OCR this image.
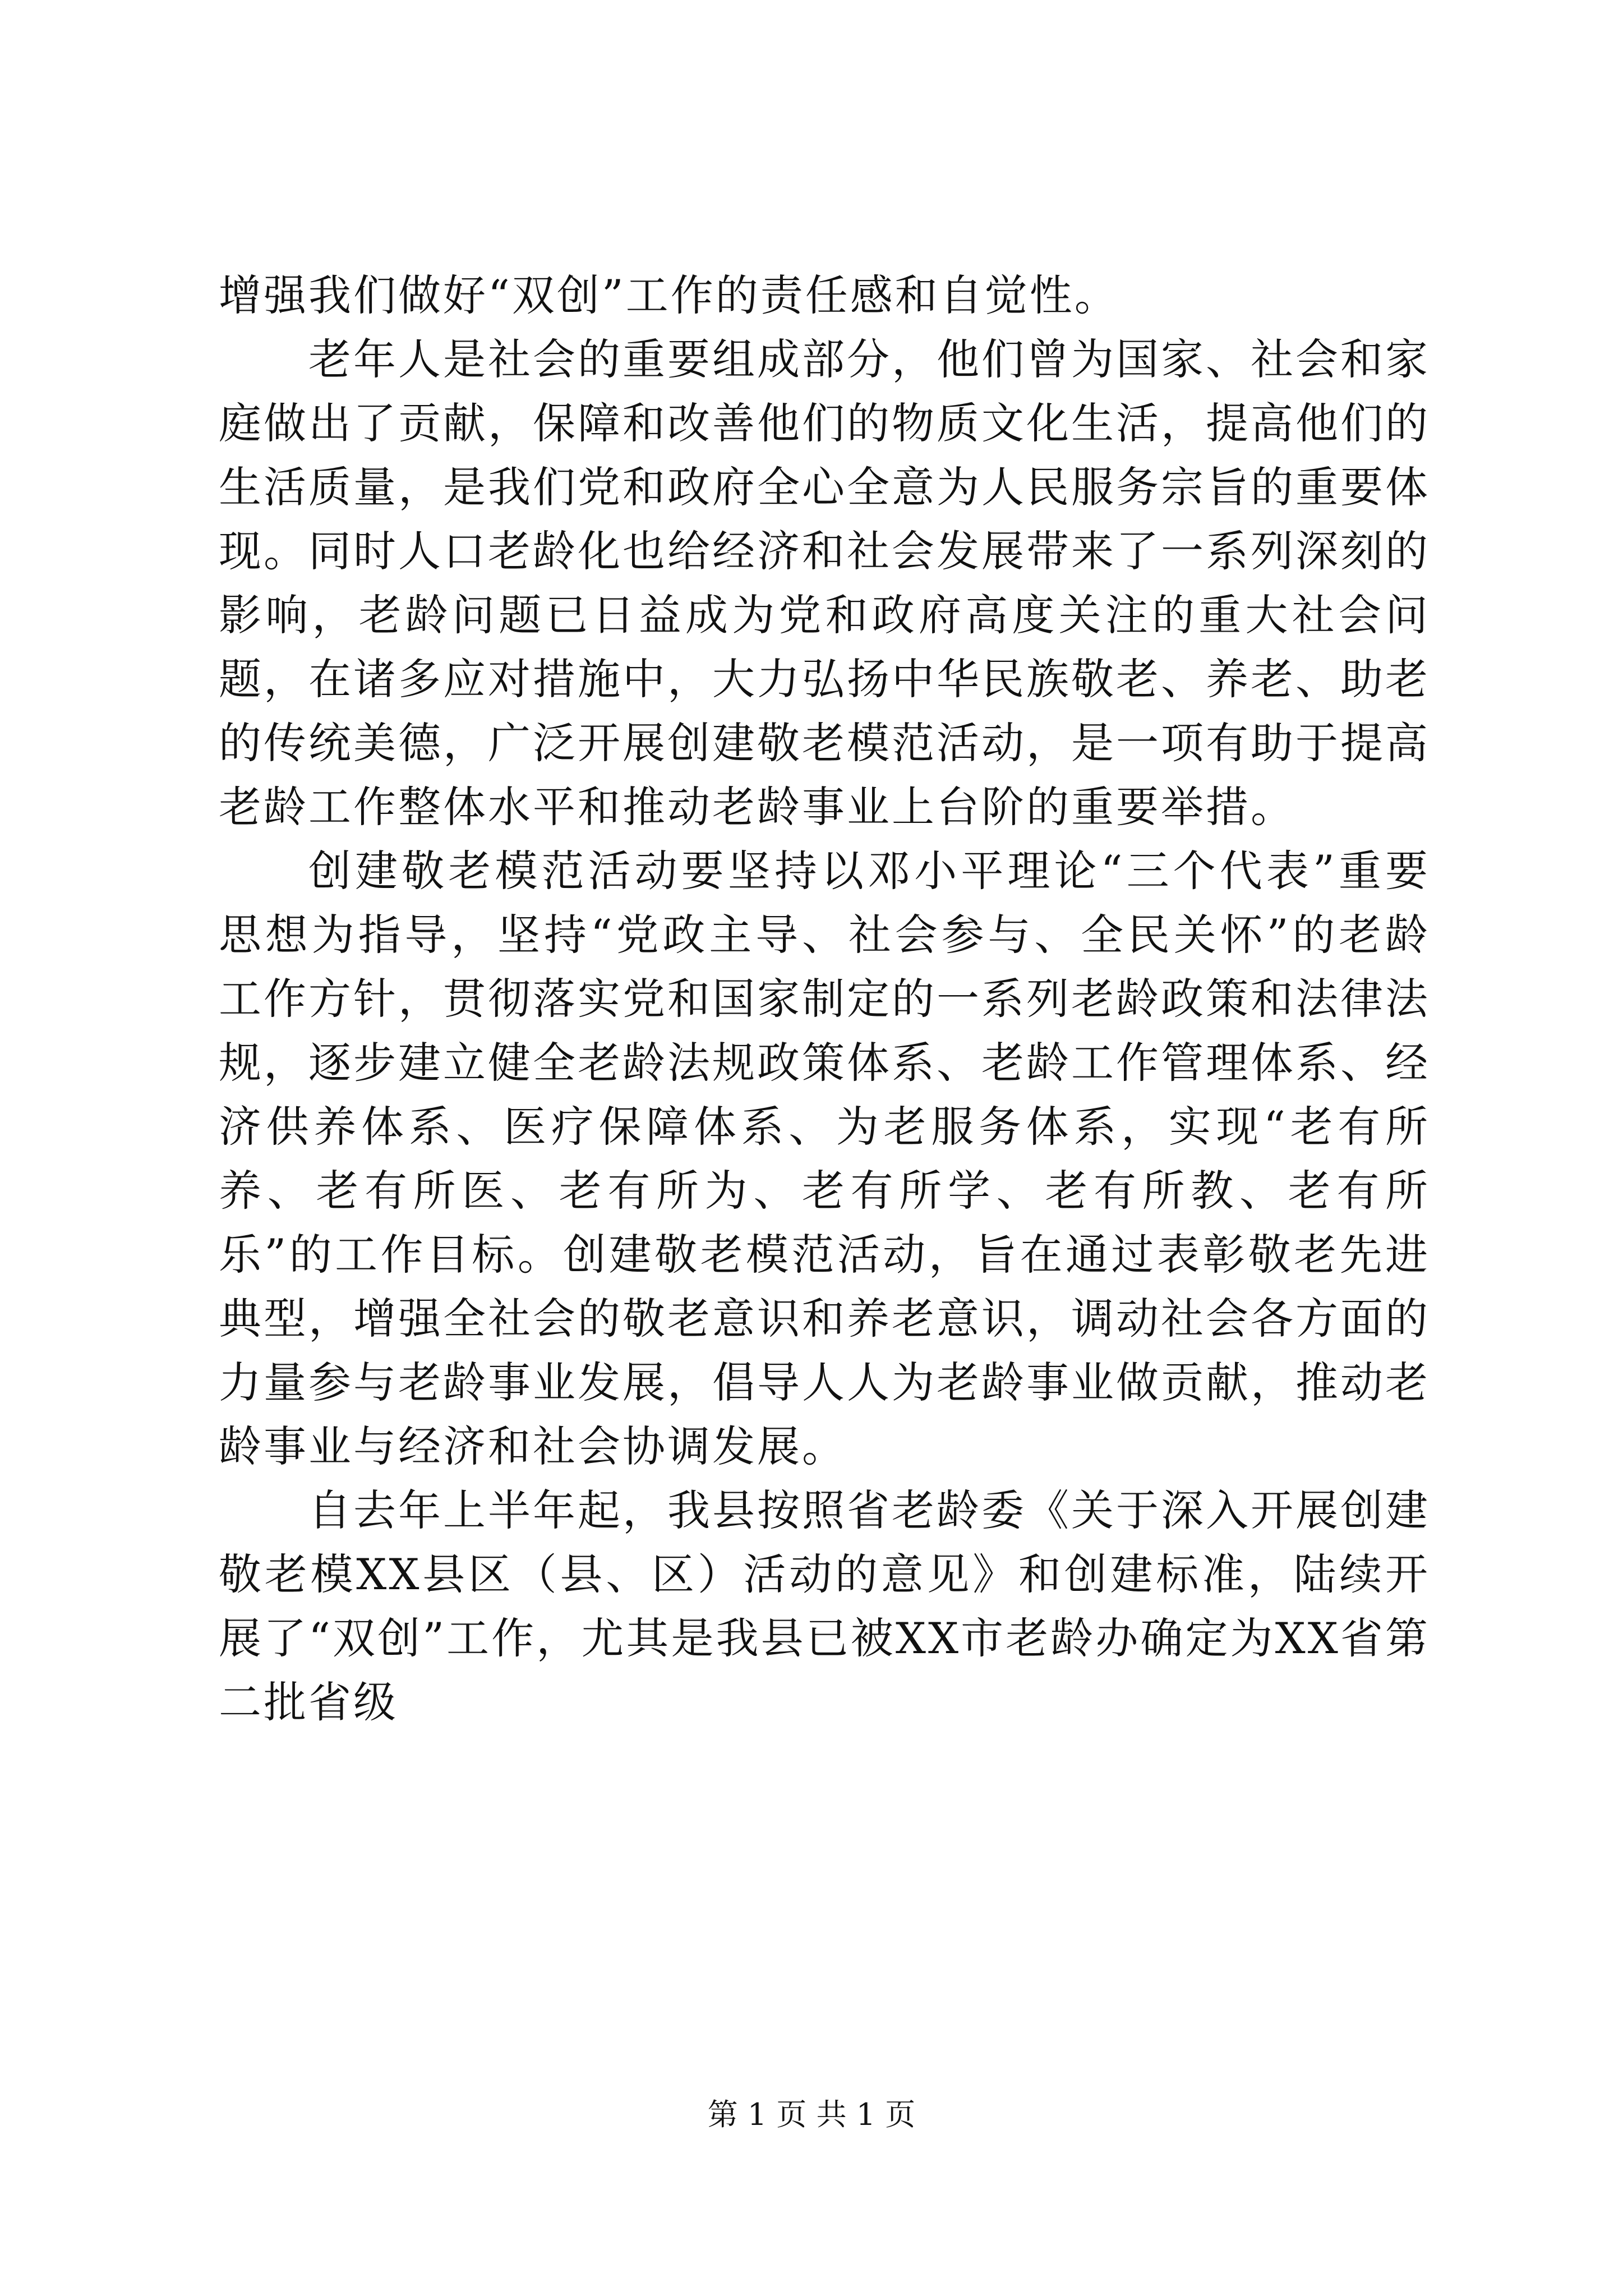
增强我们做好“双创”工作的责任感和自觉性。

老年人是社会的重要组成部分，他们曾为国家、社会和家庭做出了贡献，保障和改善他们的物质文化生活，提高他们的生活质量，是我们党和政府全心全意为人民服务宗旨的重要体现。同时人口老龄化也给经济和社会发展带来了一系列深刻的影响，老龄问题已日益成为党和政府高度关注的重大社会问题，在诸多应对措施中，大力弘扬中华民族敬老、养老、助老的传统美德，广泛开展创建敬老模范活动，是一项有助于提高老龄工作整体水平和推动老龄事业上台阶的重要举措。

创建敬老模范活动要坚持以邓小平理论“三个代表”重要思想为指导，坚持“党政主导、社会参与、全民关怀”的老龄工作方针，贯彻落实党和国家制定的一系列老龄政策和法律法规，逐步建立健全老龄法规政策体系、老龄工作管理体系、经济供养体系、医疗保障体系、为老服务体系，实现“老有所养、老有所医、老有所为、老有所学、老有所教、老有所乐”的工作目标。创建敬老模范活动，旨在通过表彰敬老先进典型，增强全社会的敬老意识和养老意识，调动社会各方面的力量参与老龄事业发展，倡导人人为老龄事业做贡献，推动老龄事业与经济和社会协调发展。

自去年上半年起，我县按照省老龄委《关于深入开展创建敬老模XX县区（县、区）活动的意见》和创建标准，陆续开展了“双创”工作，尤其是我县已被XX市老龄办确定为XX省第二批省级

第 1 页 共 1 页
